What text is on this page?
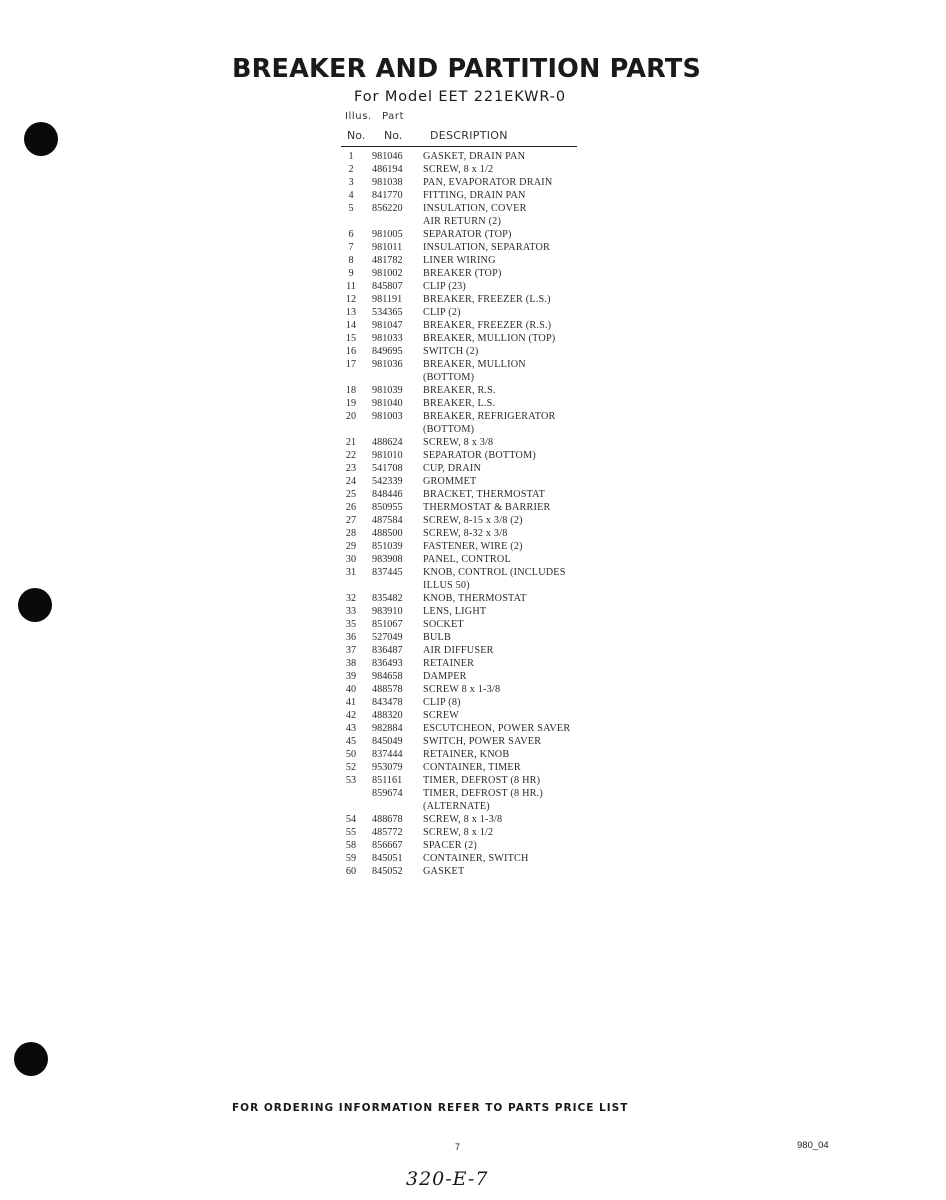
BREAKER AND PARTITION PARTS
For Model EET 221EKWR-0
Illus. Part
No. No.	DESCRIPTION
1	981046 GASKET, DRAIN PAN
2	486194 SCREW, 8 x 1/2
3	981038 PAN, EVAPORATOR DRAIN
4	841770 FITTING, DRAIN PAN
5	856220 INSULATION, COVER
AIR RETURN (2)
6	981005 SEPARATOR (TOP)
7	981011 INSULATION, SEPARATOR
8	481782 LINER WIRING
9	981002 BREAKER (TOP)
11	845807 CLIP (23)
12	981191 BREAKER, FREEZER (L.S.)
13	534365 CLIP (2)
14	981047 BREAKER, FREEZER (R.S.)
15	981033 BREAKER, MULLION (TOP)
16	849695 SWITCH (2)
17	981036 BREAKER, MULLION
(BOTTOM)
18	981039 BREAKER, R.S.
19	981040 BREAKER, L.S.
20	981003 BREAKER, REFRIGERATOR
(BOTTOM)
21	488624 SCREW, 8 x 3/8
22	981010 SEPARATOR (BOTTOM)
23	541708 CUP, DRAIN
24	542339 GROMMET
25	848446 BRACKET, THERMOSTAT
26	850955 THERMOSTAT & BARRIER
27	487584 SCREW, 8-15 x 3/8 (2)
28	488500 SCREW, 8-32 x 3/8
29	851039 FASTENER, WIRE (2)
30	983908 PANEL, CONTROL
31	837445 KNOB, CONTROL (INCLUDES
ILLUS 50)
32	835482 KNOB, THERMOSTAT
33	983910 LENS, LIGHT
35	851067 SOCKET
36	527049 BULB
37	836487 AIR DIFFUSER
38	836493 RETAINER
39	984658 DAMPER
40	488578 SCREW 8 x 1-3/8
41	843478 CLIP (8)
42	488320 SCREW
43	982884 ESCUTCHEON, POWER SAVER
45	845049 SWITCH, POWER SAVER
50	837444 RETAINER, KNOB
52	953079 CONTAINER, TIMER
53	851161 TIMER, DEFROST (8 HR)
859674 TIMER, DEFROST (8 HR.)
(ALTERNATE)
54	488678 SCREW, 8 x 1-3/8
55	485772 SCREW, 8 x 1/2
58	856667 SPACER (2)
59	845051 CONTAINER, SWITCH
60	845052 GASKET
FOR ORDERING INFORMATION REFER TO PARTS PRICE LIST
7	980_04
320-E-7
